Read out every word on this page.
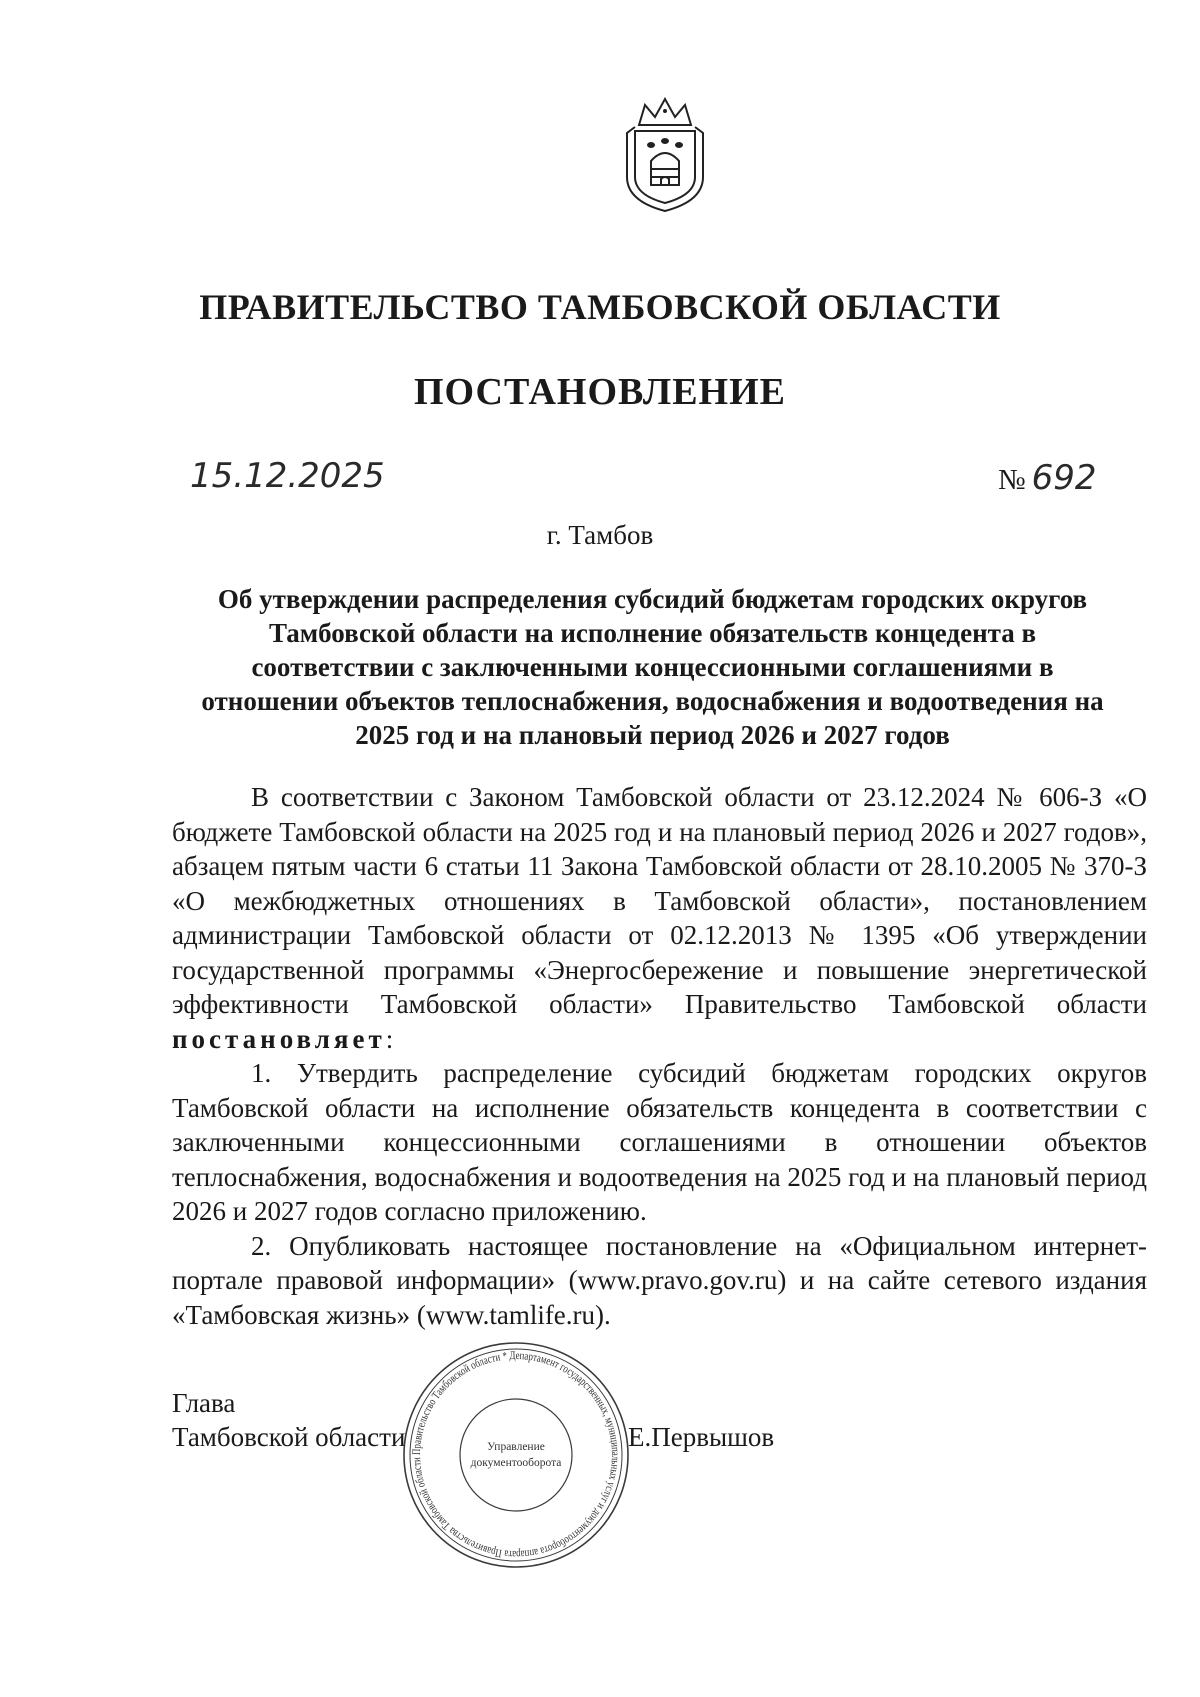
ПРАВИТЕЛЬСТВО ТАМБОВСКОЙ ОБЛАСТИ
ПОСТАНОВЛЕНИЕ
15.12.2025	№ 692
г. Тамбов
Об утверждении распределения субсидий бюджетам городских округов
Тамбовской области на исполнение обязательств концедента в
соответствии с заключенными концессионными соглашениями в
отношении объектов теплоснабжения, водоснабжения и водоотведения на
2025 год и на плановый период 2026 и 2027 годов

В соответствии с Законом Тамбовской области от 23.12.2024 № 606-З «О бюджете Тамбовской области на 2025 год и на плановый период 2026 и 2027 годов», абзацем пятым части 6 статьи 11 Закона Тамбовской области от 28.10.2005 № 370-З «О межбюджетных отношениях в Тамбовской области», постановлением администрации Тамбовской области от 02.12.2013 № 1395 «Об утверждении государственной программы «Энергосбережение и повышение энергетической эффективности Тамбовской области» Правительство Тамбовской области постановляет:

1. Утвердить распределение субсидий бюджетам городских округов Тамбовской области на исполнение обязательств концедента в соответствии с заключенными концессионными соглашениями в отношении объектов теплоснабжения, водоснабжения и водоотведения на 2025 год и на плановый период 2026 и 2027 годов согласно приложению.

2. Опубликовать настоящее постановление на «Официальном интернет-портале правовой информации» (www.pravo.gov.ru) и на сайте сетевого издания «Тамбовская жизнь» (www.tamlife.ru).

Глава
Тамбовской области Правительство Тамбовской области * Департамент государственных, муниципальных услуг и документооборота аппарата Правительства Тамбовской области
Управление
документооборота
Е.Первышов
